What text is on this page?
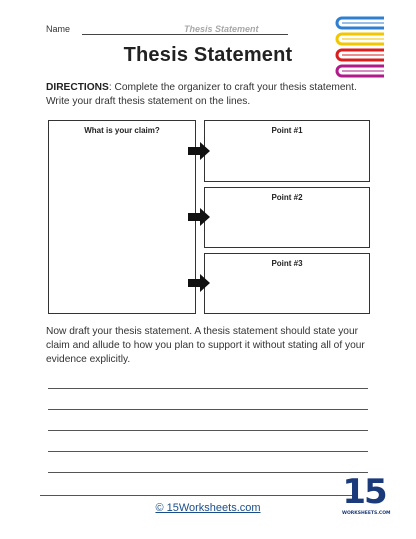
Name	Thesis Statement
Thesis Statement
DIRECTIONS: Complete the organizer to craft your thesis statement. Write your draft thesis statement on the lines.
What is your claim?	Point #1
Point #2
Point #3
Now draft your thesis statement. A thesis statement should state your claim and allude to how you plan to support it without stating all of your evidence explicitly.
© 15Worksheets.com	15
WORKSHEETS.COM
